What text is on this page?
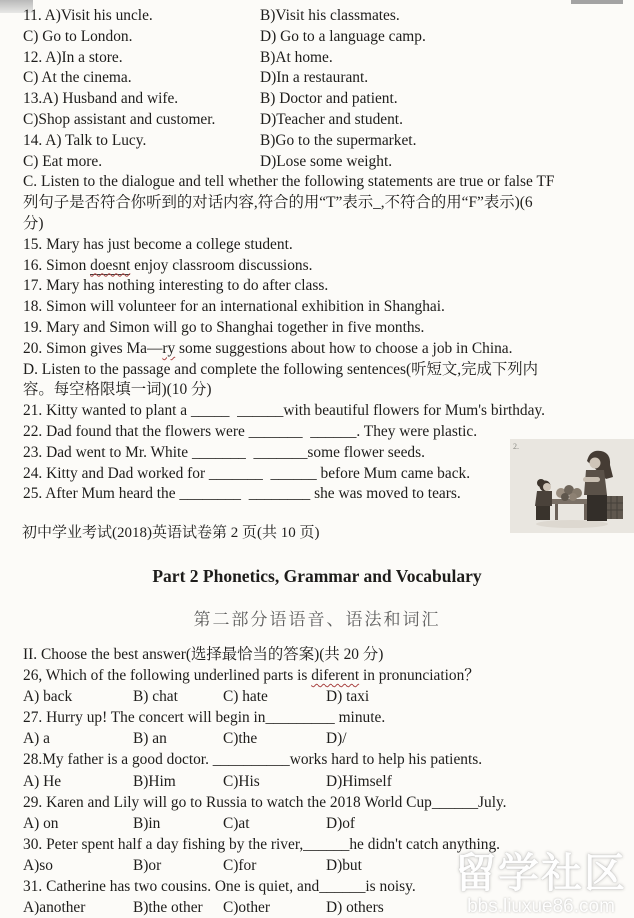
11. A)Visit his uncle.	B)Visit his classmates.
C) Go to London.	D) Go to a language camp.
12. A)In a store.	B)At home.
C) At the cinema.	D)In a restaurant.
13.A) Husband and wife.	B) Doctor and patient.
C)Shop assistant and customer.	D)Teacher and student.
14. A) Talk to Lucy.	B)Go to the supermarket.
C) Eat more.	D)Lose some weight.
C. Listen to the dialogue and tell whether the following statements are true or false TF
列句子是否符合你听到的对话内容,符合的用“T”表示_,不符合的用“F”表示)(6
分)
15. Mary has just become a college student.
16. Simon doesnt enjoy classroom discussions.
17. Mary has nothing interesting to do after class.
18. Simon will volunteer for an international exhibition in Shanghai.
19. Mary and Simon will go to Shanghai together in five months.
20. Simon gives Ma—ry some suggestions about how to choose a job in China.
D. Listen to the passage and complete the following sentences(听短文,完成下列内
容。每空格限填一词)(10 分)
21. Kitty wanted to plant a _____  ______with beautiful flowers for Mum's birthday.
22. Dad found that the flowers were _______  ______. They were plastic.
23. Dad went to Mr. White _______  _______some flower seeds.
24. Kitty and Dad worked for _______  ______ before Mum came back.
25. After Mum heard the ________  ________ she was moved to tears.
2.
初中学业考试(2018)英语试卷第 2 页(共 10 页)
Part 2 Phonetics, Grammar and Vocabulary
第二部分语语音、语法和词汇
II. Choose the best answer(选择最恰当的答案)(共 20 分)
26, Which of the following underlined parts is diferent in pronunciation？
A) back	B) chat	C) hate	D) taxi
27. Hurry up! The concert will begin in_________ minute.
A) a	B) an	C)the	D)/
28.My father is a good doctor. __________works hard to help his patients.
A) He	B)Him	C)His	D)Himself
29. Karen and Lily will go to Russia to watch the 2018 World Cup______July.
A) on	B)in	C)at	D)of
30. Peter spent half a day fishing by the river,______he didn't catch anything.
A)so	B)or	C)for	D)but
31. Catherine has two cousins. One is quiet, and______is noisy.
A)another	B)the other	C)other	D) others
留学社区
bbs.liuxue86.com
